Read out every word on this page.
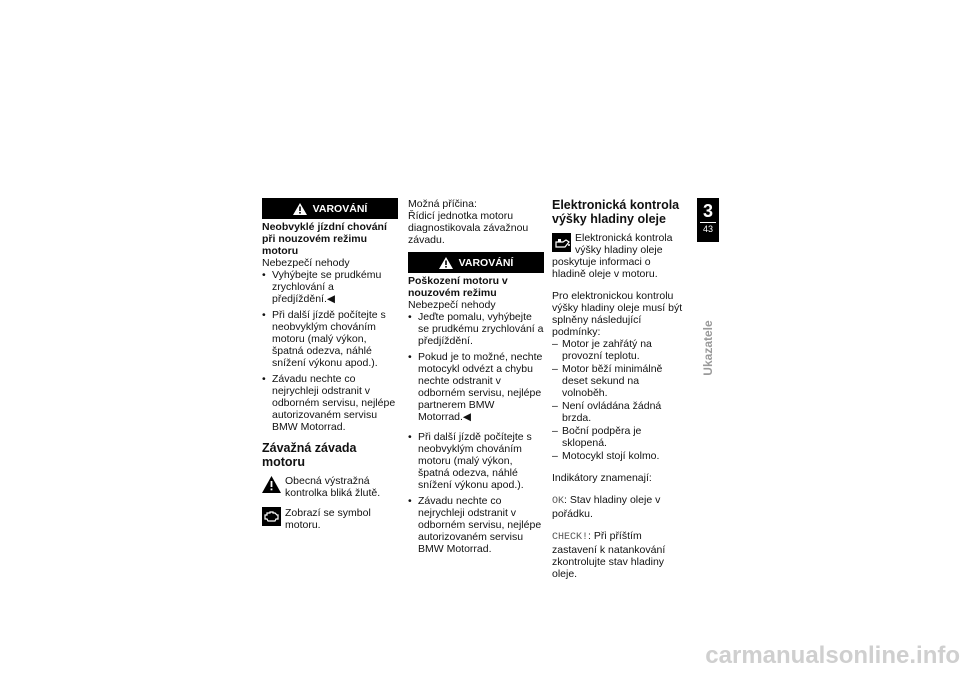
VAROVÁNÍ
Neobvyklé jízdní chování při nouzovém režimu motoru

Nebezpečí nehody

• Vyhýbejte se prudkému zrychlování a předjíždění.◀
• Při další jízdě počítejte s neobvyklým chováním motoru (malý výkon, špatná odezva, náhlé snížení výkonu apod.).
• Závadu nechte co nejrychleji odstranit v odborném servisu, nejlépe autorizovaném servisu BMW Motorrad.
Závažná závada motoru
Obecná výstražná kontrolka bliká žlutě.
Zobrazí se symbol motoru.

Možná příčina:

Řídicí jednotka motoru diagnostikovala závažnou závadu.

VAROVÁNÍ
Poškození motoru v nouzovém režimu

Nebezpečí nehody

• Jeďte pomalu, vyhýbejte se prudkému zrychlování a předjíždění.
• Pokud je to možné, nechte motocykl odvézt a chybu nechte odstranit v odborném servisu, nejlépe partnerem BMW Motorrad.◀
• Při další jízdě počítejte s neobvyklým chováním motoru (malý výkon, špatná odezva, náhlé snížení výkonu apod.).
• Závadu nechte co nejrychleji odstranit v odborném servisu, nejlépe autorizovaném servisu BMW Motorrad.
Elektronická kontrola výšky hladiny oleje
Elektronická kontrola výšky hladiny oleje poskytuje informaci o hladině oleje v motoru.

Pro elektronickou kontrolu výšky hladiny oleje musí být splněny následující podmínky:

– Motor je zahřátý na provozní teplotu.
– Motor běží minimálně deset sekund na volnoběh.
– Není ovládána žádná brzda.
– Boční podpěra je sklopená.
– Motocykl stojí kolmo.

Indikátory znamenají:

OK: Stav hladiny oleje v pořádku.

CHECK!: Při příštím zastavení k natankování zkontrolujte stav hladiny oleje.

3
43
Ukazatele
carmanualsonline.info
